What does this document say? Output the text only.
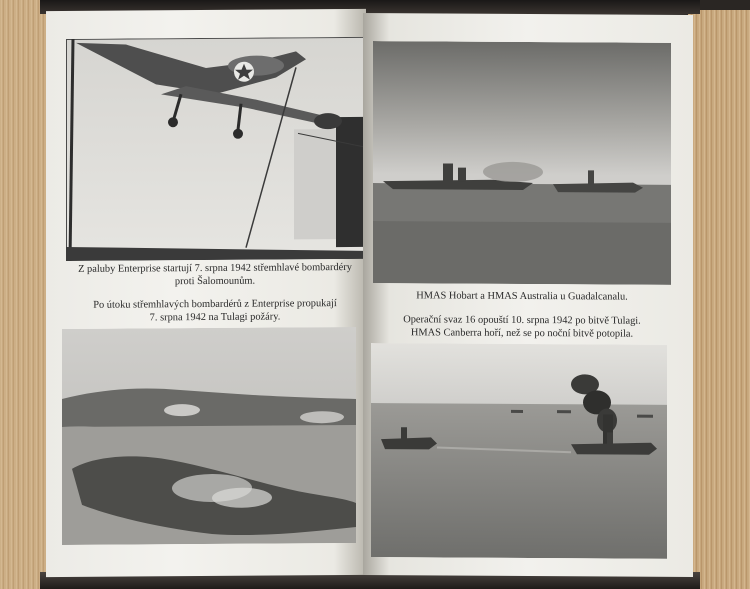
Z paluby Enterprise startují 7. srpna 1942 střemhlavé bombardéry
proti Šalomounům.
Po útoku střemhlavých bombardérů z Enterprise propukají
7. srpna 1942 na Tulagi požáry.
HMAS Hobart a HMAS Australia u Guadalcanalu.
Operační svaz 16 opouští 10. srpna 1942 po bitvě Tulagi.
HMAS Canberra hoří, než se po noční bitvě potopila.
